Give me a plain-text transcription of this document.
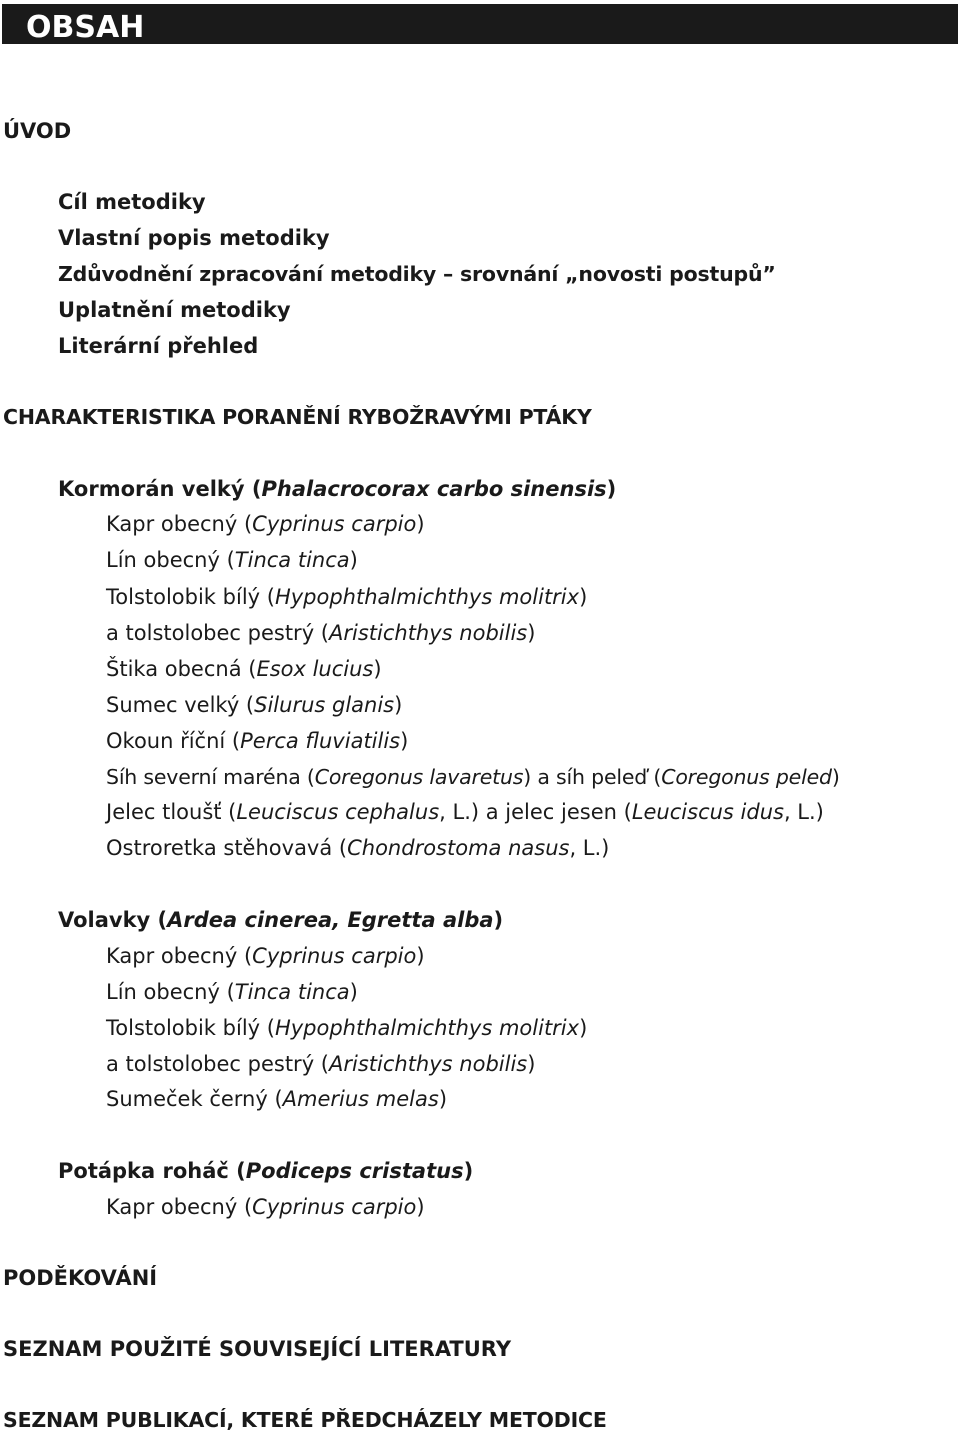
OBSAH
ÚVOD
Cíl metodiky
Vlastní popis metodiky
Zdůvodnění zpracování metodiky – srovnání „novosti postupů”
Uplatnění metodiky
Literární přehled
CHARAKTERISTIKA PORANĚNÍ RYBOŽRAVÝMI PTÁKY
Kormorán velký (Phalacrocorax carbo sinensis)
Kapr obecný (Cyprinus carpio)
Lín obecný (Tinca tinca)
Tolstolobik bílý (Hypophthalmichthys molitrix)
a tolstolobec pestrý (Aristichthys nobilis)
Štika obecná (Esox lucius)
Sumec velký (Silurus glanis)
Okoun říční (Perca fluviatilis)
Síh severní maréna (Coregonus lavaretus) a síh peleď (Coregonus peled)
Jelec tloušť (Leuciscus cephalus, L.) a jelec jesen (Leuciscus idus, L.)
Ostroretka stěhovavá (Chondrostoma nasus, L.)
Volavky (Ardea cinerea, Egretta alba)
Kapr obecný (Cyprinus carpio)
Lín obecný (Tinca tinca)
Tolstolobik bílý (Hypophthalmichthys molitrix)
a tolstolobec pestrý (Aristichthys nobilis)
Sumeček černý (Amerius melas)
Potápka roháč (Podiceps cristatus)
Kapr obecný (Cyprinus carpio)
PODĚKOVÁNÍ
SEZNAM POUŽITÉ SOUVISEJÍCÍ LITERATURY
SEZNAM PUBLIKACÍ, KTERÉ PŘEDCHÁZELY METODICE
